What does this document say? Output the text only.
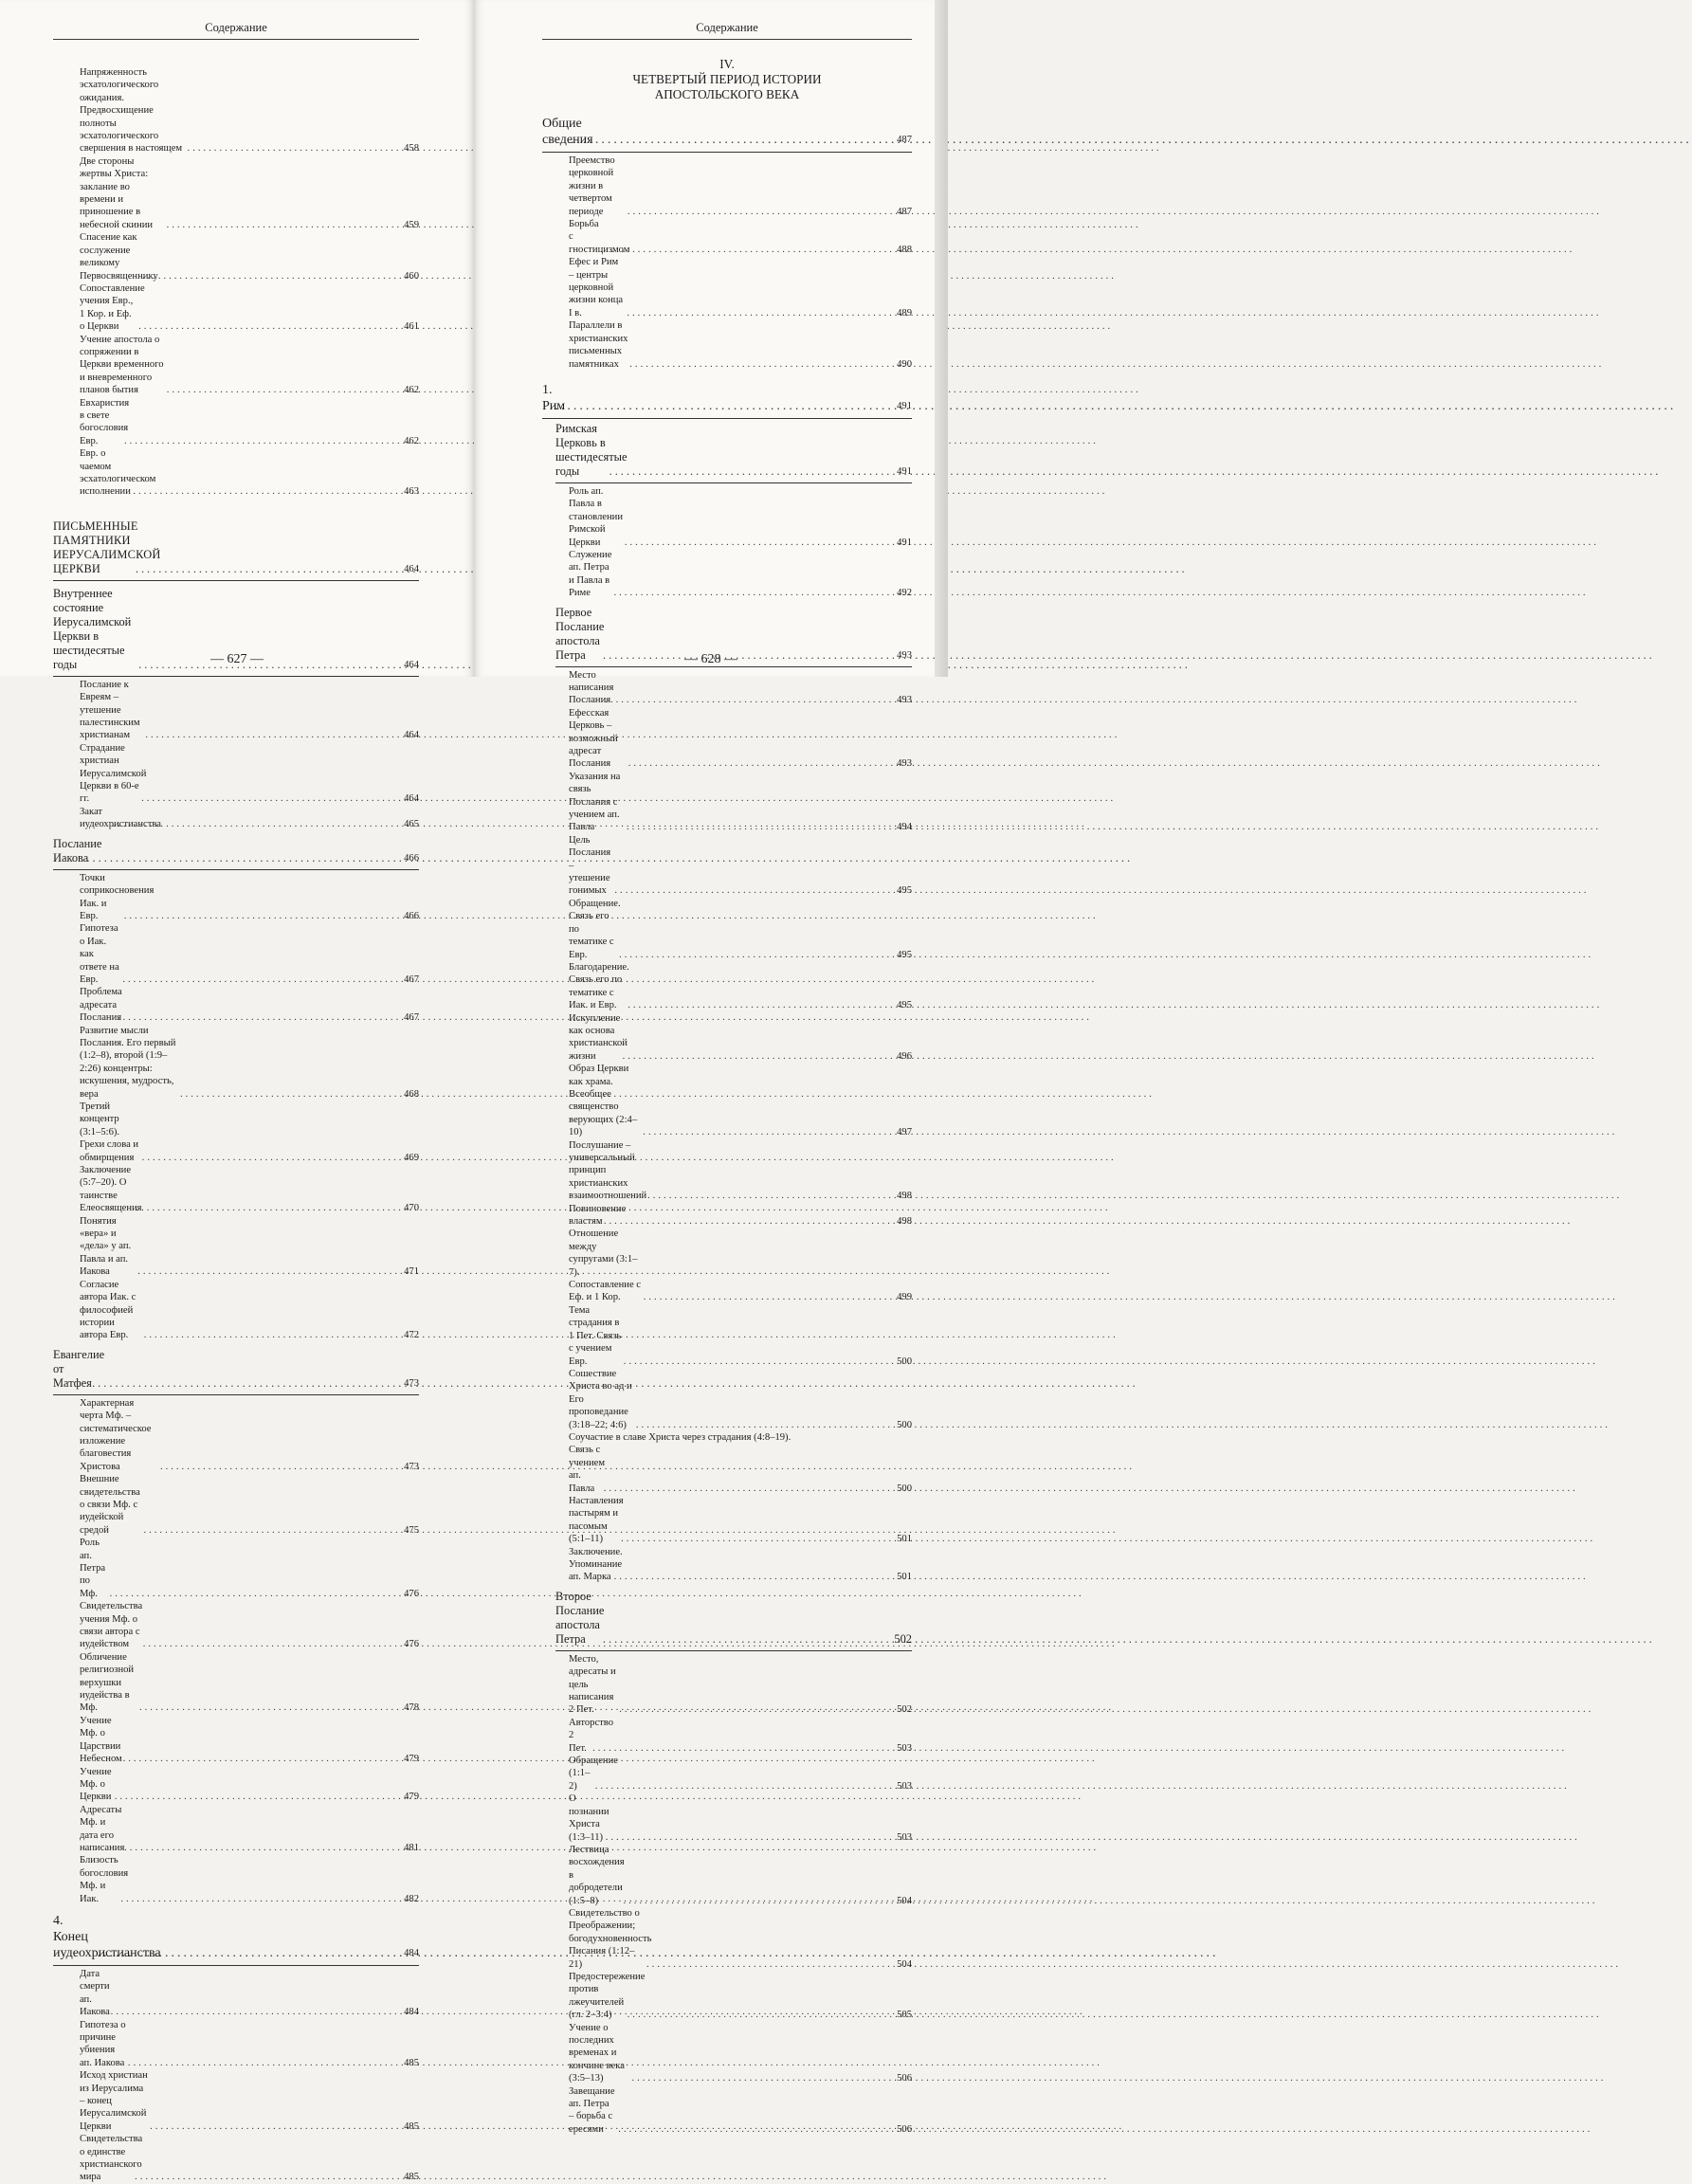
Содержание
Напряженность эсхатологического ожидания. Предвосхищение полноты эсхатологического свершения в настоящем .....	458
Две стороны жертвы Христа: заклание во времени и приношение в небесной скинии .....	459
Спасение как сослужение великому Первосвященнику .....	460
Сопоставление учения Евр., 1 Кор. и Еф. о Церкви .....	461
Учение апостола о сопряжении в Церкви временного и вневременного планов бытия .....	462
Евхаристия в свете богословия Евр. .....	462
Евр. о чаемом эсхатологическом исполнении .....	463
ПИСЬМЕННЫЕ ПАМЯТНИКИ ИЕРУСАЛИМСКОЙ ЦЕРКВИ .....	464
Внутреннее состояние Иерусалимской Церкви в шестидесятые годы .....	464
Послание к Евреям – утешение палестинским христианам .....	464
Страдание христиан Иерусалимской Церкви в 60-е гг. .....	464
Закат иудеохристианства .....	465
Послание Иакова .....	466
Точки соприкосновения Иак. и Евр. .....	466
Гипотеза о Иак. как ответе на Евр. .....	467
Проблема адресата Послания .....	467
Развитие мысли Послания. Его первый (1:2–8), второй (1:9–2:26) концентры: искушения, мудрость, вера .....	468
Третий концентр (3:1–5:6). Грехи слова и обмирщения .....	469
Заключение (5:7–20). О таинстве Елеосвящения .....	470
Понятия «вера» и «дела» у ап. Павла и ап. Иакова .....	471
Согласие автора Иак. с философией истории автора Евр. .....	472
Евангелие от Матфея .....	473
Характерная черта Мф. – систематическое изложение благовестия Христова .....	473
Внешние свидетельства о связи Мф. с иудейской средой .....	475
Роль ап. Петра по Мф. .....	476
Свидетельства учения Мф. о связи автора с иудейством .....	476
Обличение религиозной верхушки иудейства в Мф. .....	478
Учение Мф. о Царствии Небесном .....	479
Учение Мф. о Церкви .....	479
Адресаты Мф. и дата его написания .....	481
Близость богословия Мф. и Иак. .....	482
4. Конец иудеохристианства .....	484
Дата смерти ап. Иакова .....	484
Гипотеза о причине убиения ап. Иакова .....	485
Исход христиан из Иерусалима – конец Иерусалимской Церкви .....	485
Свидетельства о единстве христианского мира .....	485
— 627 —
Содержание
IV.
ЧЕТВЕРТЫЙ ПЕРИОД ИСТОРИИ
АПОСТОЛЬСКОГО ВЕКА
Общие сведения .....	487
Преемство церковной жизни в четвертом периоде .....	487
Борьба с гностицизмом .....	488
Ефес и Рим – центры церковной жизни конца I в. .....	489
Параллели в христианских письменных памятниках .....	490
1. Рим .....	491
Римская Церковь в шестидесятые годы .....	491
Роль ап. Павла в становлении Римской Церкви .....	491
Служение ап. Петра и Павла в Риме .....	492
Первое Послание апостола Петра .....	493
Место написания Послания .....	493
Ефесская Церковь – возможный адресат Послания .....	493
Указания на связь Послания с учением ап. Павла .....	494
Цель Послания – утешение гонимых .....	495
Обращение. Связь его по тематике с Евр. .....	495
Благодарение. Связь его по тематике с Иак. и Евр. .....	495
Искупление как основа христианской жизни .....	496
Образ Церкви как храма. Всеобщее священство верующих (2:4–10) .....	497
Послушание – универсальный принцип христианских взаимоотношений .....	498
Повиновение властям .....	498
Отношение между супругами (3:1–7). Сопоставление с Еф. и 1 Кор. .....	499
Тема страдания в 1 Пет. Связь с учением Евр. .....	500
Сошествие Христа во ад и Его проповедание (3:18–22; 4:6) .....	500
Соучастие в славе Христа через страдания (4:8–19).
Связь с учением ап. Павла .....	500
Наставления пастырям и пасомым (5:1–11) .....	501
Заключение. Упоминание ап. Марка .....	501
Второе Послание апостола Петра .....	502
Место, адресаты и цель написания 2 Пет. .....	502
Авторство 2 Пет. .....	503
Обращение (1:1–2) .....	503
О познании Христа (1:3–11) .....	503
Лествица восхождения в добродетели (1:5–8) .....	504
Свидетельство о Преображении; богодухновенность Писания (1:12–21) .....	504
Предостережение против лжеучителей (гл. 2–3:4) .....	505
Учение о последних временах и кончине века (3:5–13) .....	506
Завещание ап. Петра – борьба с ересями .....	506
— 628 —
